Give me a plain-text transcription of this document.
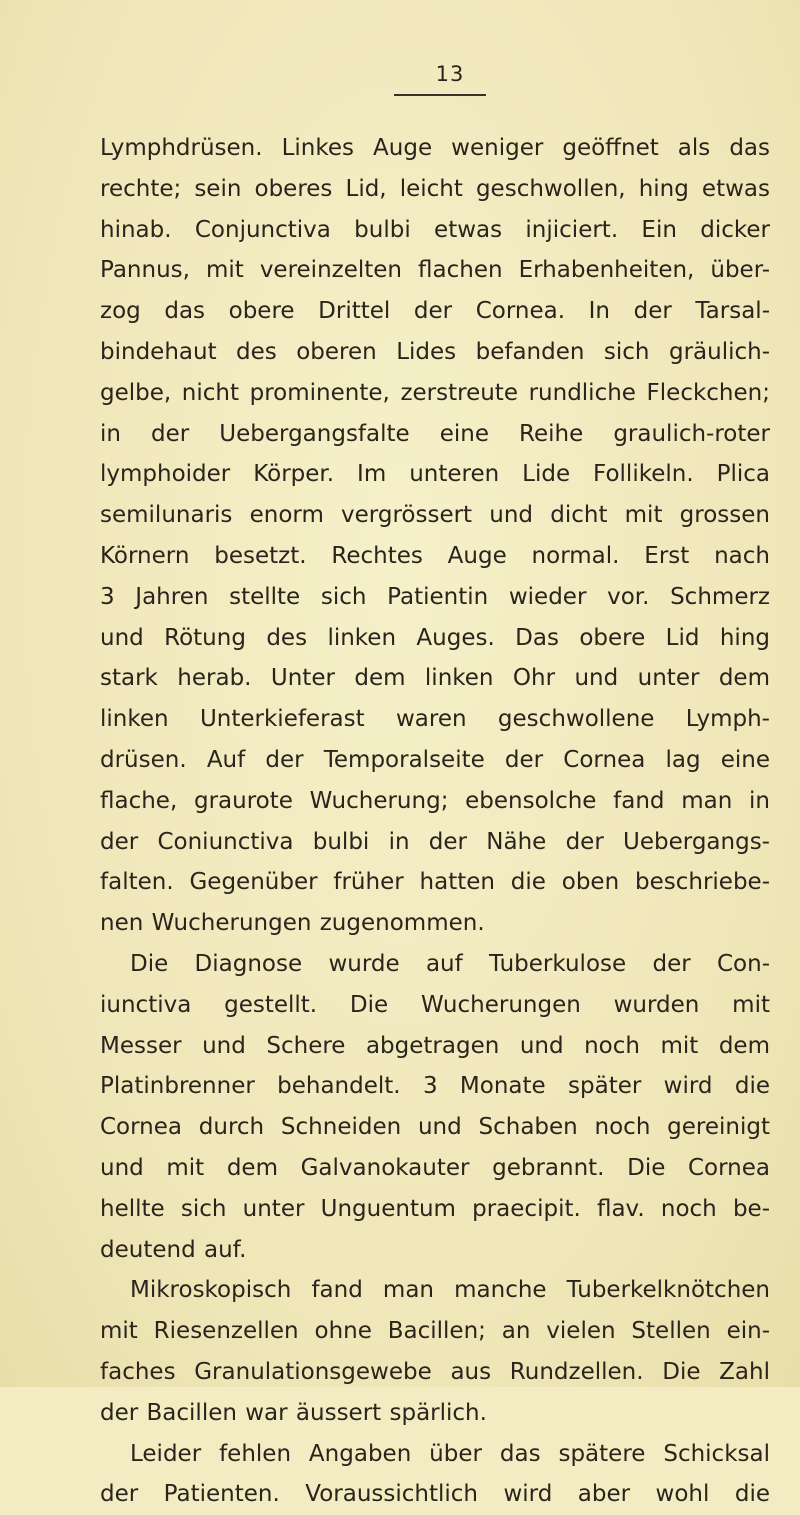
13
Lymphdrüsen. Linkes Auge weniger geöffnet als das
rechte; sein oberes Lid, leicht geschwollen, hing etwas
hinab. Conjunctiva bulbi etwas injiciert. Ein dicker
Pannus, mit vereinzelten flachen Erhabenheiten, über-
zog das obere Drittel der Cornea. In der Tarsal-
bindehaut des oberen Lides befanden sich gräulich-
gelbe, nicht prominente, zerstreute rundliche Fleckchen;
in der Uebergangsfalte eine Reihe graulich-roter
lymphoider Körper. Im unteren Lide Follikeln. Plica
semilunaris enorm vergrössert und dicht mit grossen
Körnern besetzt. Rechtes Auge normal. Erst nach
3 Jahren stellte sich Patientin wieder vor. Schmerz
und Rötung des linken Auges. Das obere Lid hing
stark herab. Unter dem linken Ohr und unter dem
linken Unterkieferast waren geschwollene Lymph-
drüsen. Auf der Temporalseite der Cornea lag eine
flache, graurote Wucherung; ebensolche fand man in
der Coniunctiva bulbi in der Nähe der Uebergangs-
falten. Gegenüber früher hatten die oben beschriebe-
nen Wucherungen zugenommen.
Die Diagnose wurde auf Tuberkulose der Con-
iunctiva gestellt. Die Wucherungen wurden mit
Messer und Schere abgetragen und noch mit dem
Platinbrenner behandelt. 3 Monate später wird die
Cornea durch Schneiden und Schaben noch gereinigt
und mit dem Galvanokauter gebrannt. Die Cornea
hellte sich unter Unguentum praecipit. flav. noch be-
deutend auf.
Mikroskopisch fand man manche Tuberkelknötchen
mit Riesenzellen ohne Bacillen; an vielen Stellen ein-
faches Granulationsgewebe aus Rundzellen. Die Zahl
der Bacillen war äussert spärlich.
Leider fehlen Angaben über das spätere Schicksal
der Patienten. Voraussichtlich wird aber wohl die
